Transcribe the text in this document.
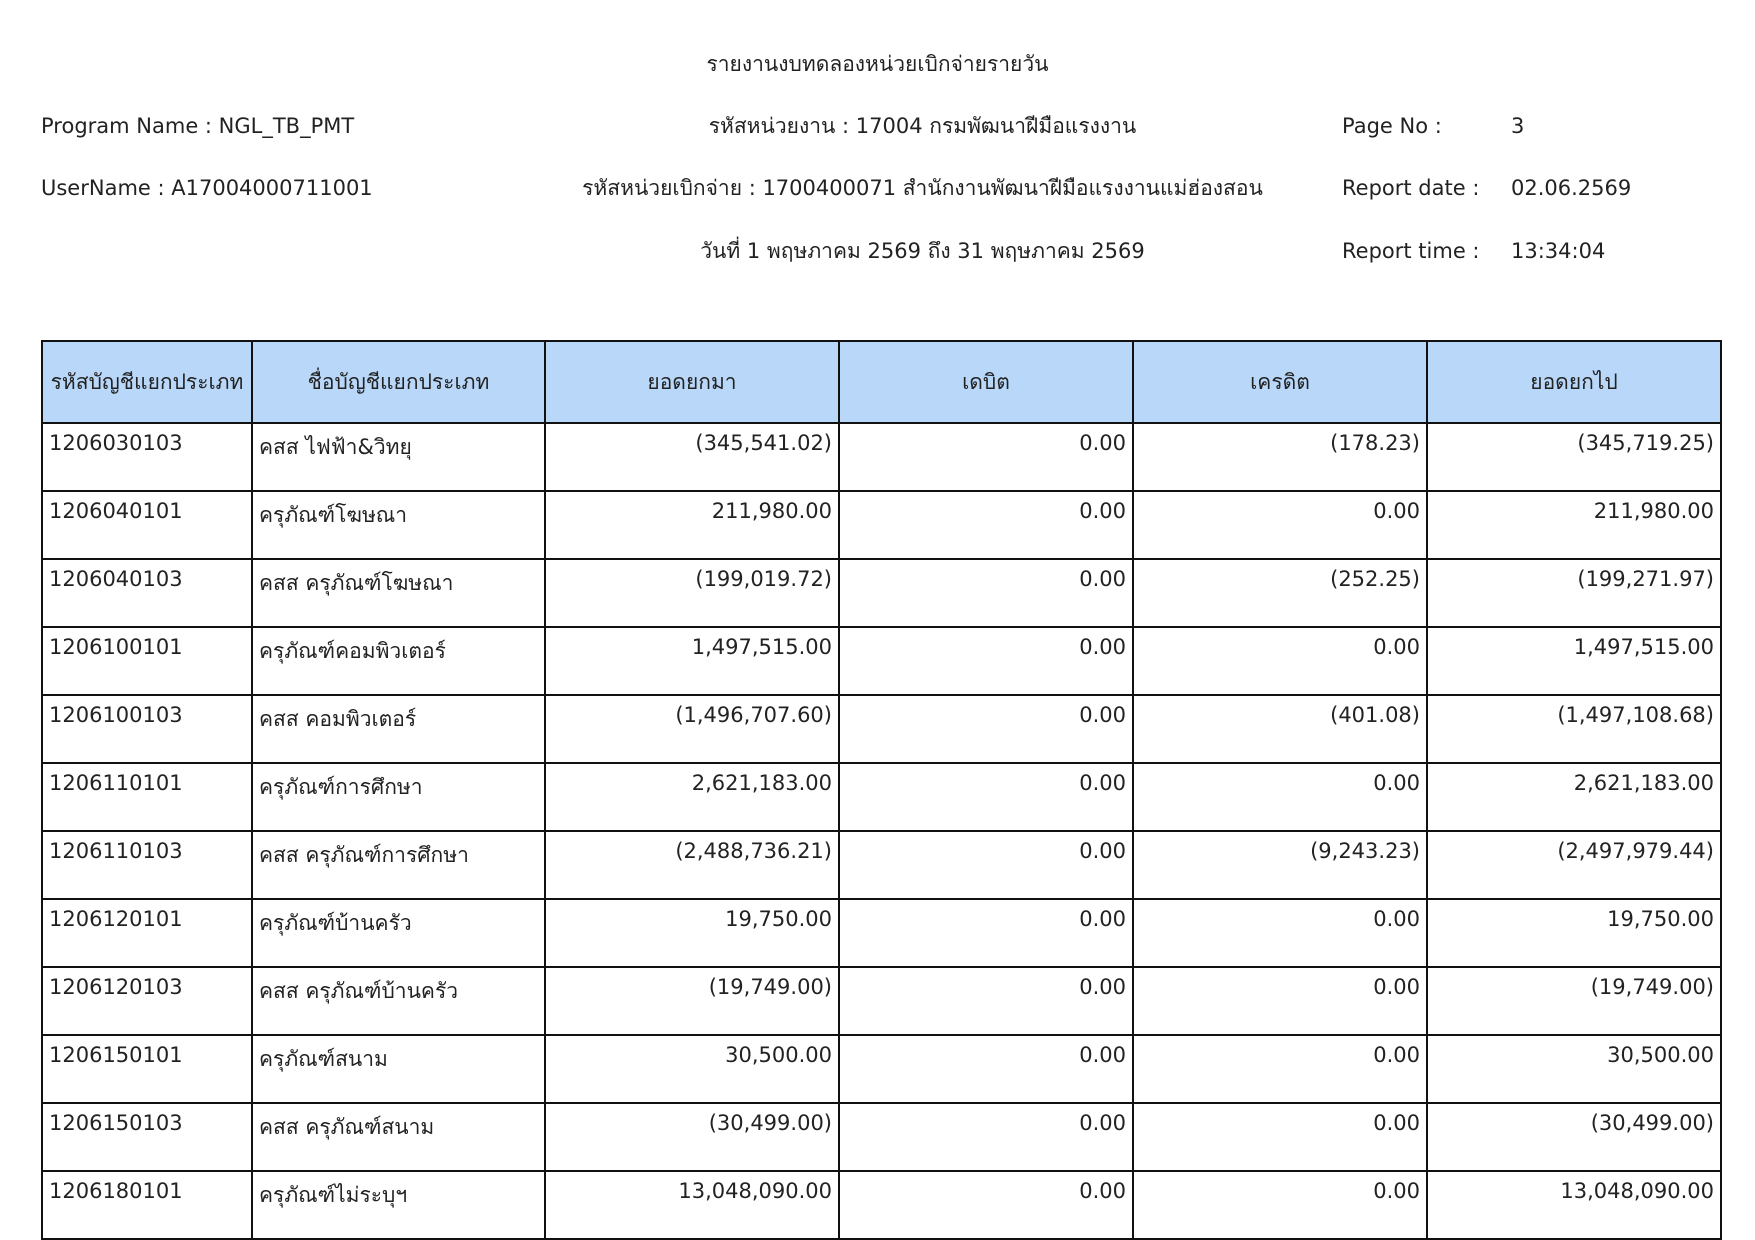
รายงานงบทดลองหน่วยเบิกจ่ายรายวัน
Program Name : NGL_TB_PMT	รหัสหน่วยงาน : 17004 กรมพัฒนาฝีมือแรงงาน	Page No :	3
UserName : A17004000711001	รหัสหน่วยเบิกจ่าย : 1700400071 สำนักงานพัฒนาฝีมือแรงงานแม่ฮ่องสอน	Report date : 02.06.2569
วันที่ 1 พฤษภาคม 2569 ถึง 31 พฤษภาคม 2569	Report time : 13:34:04
รหัสบัญชีแยกประเภท	ชื่อบัญชีแยกประเภท	ยอดยกมา	เดบิต	เครดิต	ยอดยกไป
1206030103	คสส ไฟฟ้า&วิทยุ	(345,541.02)	0.00	(178.23)	(345,719.25)
1206040101	ครุภัณฑ์โฆษณา	211,980.00	0.00	0.00	211,980.00
1206040103	คสส ครุภัณฑ์โฆษณา	(199,019.72)	0.00	(252.25)	(199,271.97)
1206100101	ครุภัณฑ์คอมพิวเตอร์	1,497,515.00	0.00	0.00	1,497,515.00
1206100103	คสส คอมพิวเตอร์	(1,496,707.60)	0.00	(401.08)	(1,497,108.68)
1206110101	ครุภัณฑ์การศึกษา	2,621,183.00	0.00	0.00	2,621,183.00
1206110103	คสส ครุภัณฑ์การศึกษา	(2,488,736.21)	0.00	(9,243.23)	(2,497,979.44)
1206120101	ครุภัณฑ์บ้านครัว	19,750.00	0.00	0.00	19,750.00
1206120103	คสส ครุภัณฑ์บ้านครัว	(19,749.00)	0.00	0.00	(19,749.00)
1206150101	ครุภัณฑ์สนาม	30,500.00	0.00	0.00	30,500.00
1206150103	คสส ครุภัณฑ์สนาม	(30,499.00)	0.00	0.00	(30,499.00)
1206180101	ครุภัณฑ์ไม่ระบุฯ	13,048,090.00	0.00	0.00	13,048,090.00
